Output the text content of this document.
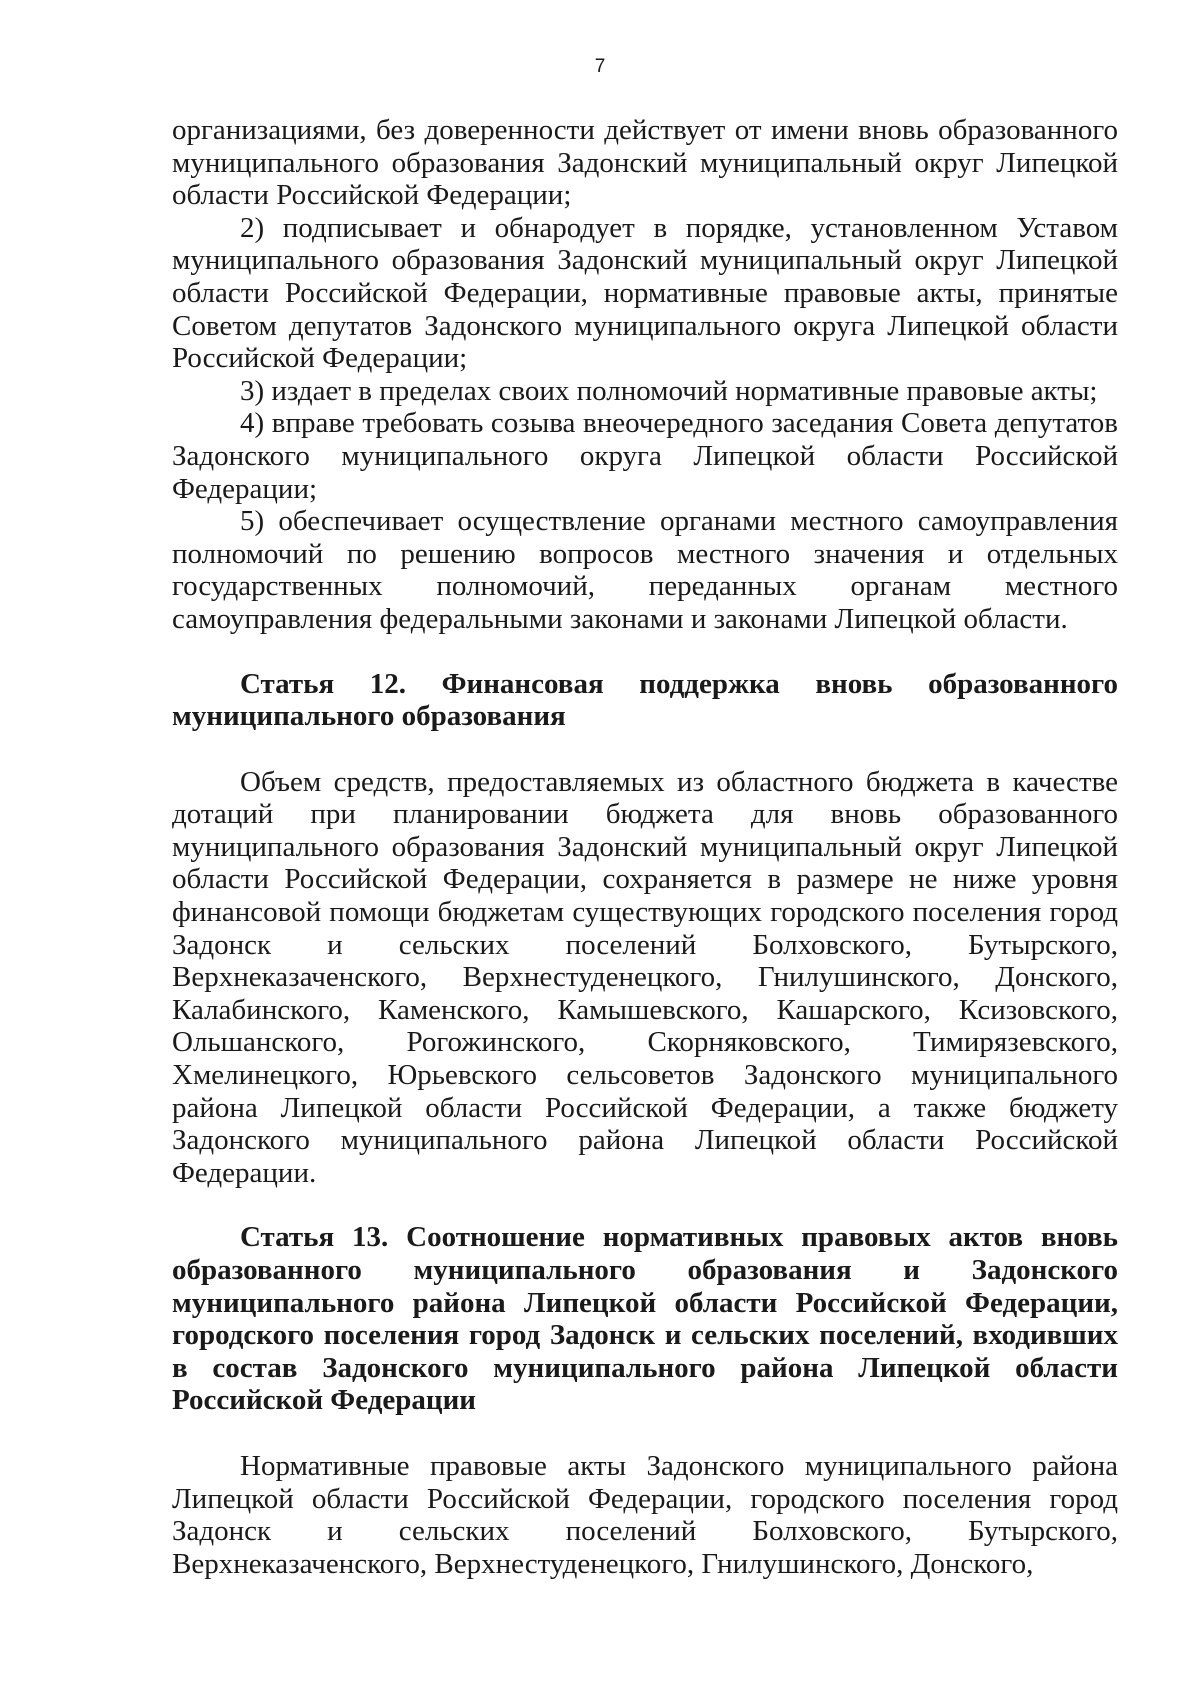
7

организациями, без доверенности действует от имени вновь образованного муниципального образования Задонский муниципальный округ Липецкой области Российской Федерации;

2) подписывает и обнародует в порядке, установленном Уставом муниципального образования Задонский муниципальный округ Липецкой области Российской Федерации, нормативные правовые акты, принятые Советом депутатов Задонского муниципального округа Липецкой области Российской Федерации;

3) издает в пределах своих полномочий нормативные правовые акты;

4) вправе требовать созыва внеочередного заседания Совета депутатов Задонского муниципального округа Липецкой области Российской Федерации;

5) обеспечивает осуществление органами местного самоуправления полномочий по решению вопросов местного значения и отдельных государственных полномочий, переданных органам местного самоуправления федеральными законами и законами Липецкой области.

Статья 12. Финансовая поддержка вновь образованного муниципального образования

Объем средств, предоставляемых из областного бюджета в качестве дотаций при планировании бюджета для вновь образованного муниципального образования Задонский муниципальный округ Липецкой области Российской Федерации, сохраняется в размере не ниже уровня финансовой помощи бюджетам существующих городского поселения город Задонск и сельских поселений Болховского, Бутырского, Верхнеказаченского, Верхнестуденецкого, Гнилушинского, Донского, Калабинского, Каменского, Камышевского, Кашарского, Ксизовского, Ольшанского, Рогожинского, Скорняковского, Тимирязевского, Хмелинецкого, Юрьевского сельсоветов Задонского муниципального района Липецкой области Российской Федерации, а также бюджету Задонского муниципального района Липецкой области Российской Федерации.

Статья 13. Соотношение нормативных правовых актов вновь образованного муниципального образования и Задонского муниципального района Липецкой области Российской Федерации, городского поселения город Задонск и сельских поселений, входивших в состав Задонского муниципального района Липецкой области Российской Федерации

Нормативные правовые акты Задонского муниципального района Липецкой области Российской Федерации, городского поселения город Задонск и сельских поселений Болховского, Бутырского, Верхнеказаченского, Верхнестуденецкого, Гнилушинского, Донского,
